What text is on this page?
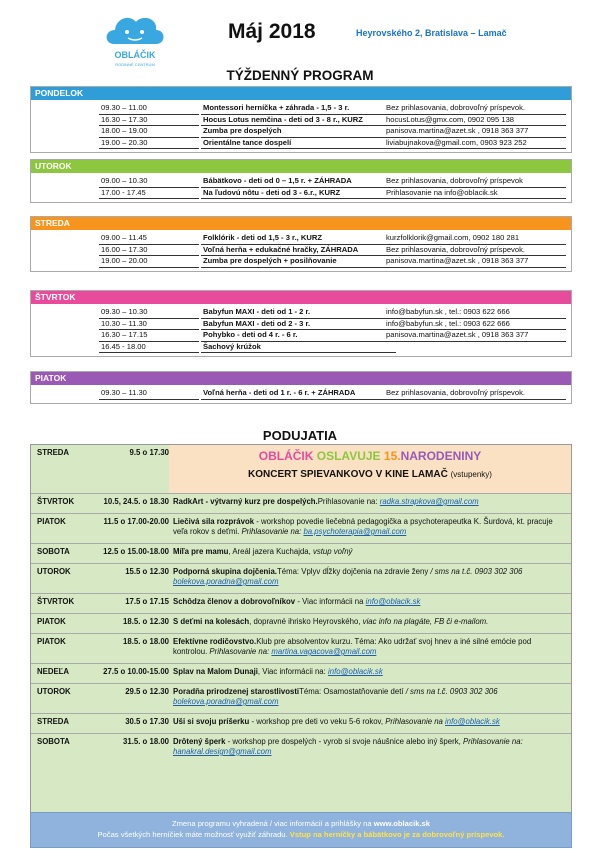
OBLÁČIK
RODINNÉ CENTRUM
Máj 2018	Heyrovského 2, Bratislava – Lamač
TÝŽDENNÝ PROGRAM
PONDELOK
09.30 – 11.00	Montessori herníčka + záhrada - 1,5 - 3 r.	Bez prihlasovania, dobrovoľný príspevok.
16.30 – 17.30	Hocus Lotus nemčina - deti od 3 - 8 r., KURZ	hocusLotus@gmx.com, 0902 095 138
18.00 – 19.00	Zumba pre dospelých	panisova.martina@azet.sk , 0918 363 377
19.00 – 20.30	Orientálne tance dospelí	liviabujnakova@gmail.com, 0903 923 252
UTOROK
09.00 – 10.30	Bábätkovo - deti od 0 – 1,5 r. + ZÁHRADA	Bez prihlasovania, dobrovoľný príspevok
17.00 - 17.45	Na ľudovú nôtu - deti od 3 - 6.r., KURZ	Prihlasovanie na info@oblacik.sk
STREDA
09.00 – 11.45	Folklórik - deti od 1,5 - 3 r., KURZ	kurzfolklorik@gmail.com, 0902 180 281
16.00 – 17.30	Voľná herňa + edukačné hračky, ZÁHRADA	Bez prihlasovania, dobrovoľný príspevok.
19.00 – 20.00	Zumba pre dospelých + posilňovanie	panisova.martina@azet.sk , 0918 363 377
ŠTVRTOK
09.30 – 10.30	Babyfun MAXI - deti od 1 - 2 r.	info@babyfun.sk , tel.: 0903 622 666
10.30 – 11.30	Babyfun MAXI - deti od 2 - 3 r.	info@babyfun.sk , tel.: 0903 622 666
16.30 – 17.15	Pohybko - deti od 4 r. - 6 r.	panisova.martina@azet.sk , 0918 363 377
16.45 - 18.00	Šachový krúžok
PIATOK
09.30 – 11.30	Voľná herňa - deti od 1 r. - 6 r. + ZÁHRADA	Bez prihlasovania, dobrovoľný príspevok.
PODUJATIA
STREDA	9.5 o 17.30	OBLÁČIK OSLAVUJE 15.NARODENINY
KONCERT SPIEVANKOVO V KINE LAMAČ (vstupenky)
ŠTVRTOK	10.5, 24.5. o 18.30 RadkArt - výtvarný kurz pre dospelých.Prihlasovanie na: radka.strapkova@gmail.com
PIATOK	11.5 o 17.00-20.00 Liečivá sila rozprávok - workshop povedie liečebná pedagogička a psychoterapeutka K. Šurdová, kt. pracuje veľa rokov s deťmi. Prihlasovanie na: ba.psychoterapia@gmail.com
SOBOTA	12.5 o 15.00-18.00 Míľa pre mamu, Areál jazera Kuchajda, vstup voľný
UTOROK	15.5 o 12.30 Podporná skupina dojčenia.Téma: Vplyv dĺžky dojčenia na zdravie ženy / sms na t.č. 0903 302 306 bolekova.poradna@gmail.com
ŠTVRTOK	17.5 o 17.15 Schôdza členov a dobrovoľníkov - Viac informácii na info@oblacik.sk
PIATOK	18.5. o 12.30 S deťmi na kolesách, dopravné ihrisko Heyrovského, viac info na plagáte, FB či e-mailom.
PIATOK	18.5. o 18.00 Efektívne rodičovstvo.Klub pre absolventov kurzu. Téma: Ako udržať svoj hnev a iné silné emócie pod kontrolou. Prihlasovanie na: martina.vagacova@gmail.com
NEDEĽA	27.5 o 10.00-15.00 Splav na Malom Dunaji, Viac informácii na: info@oblacik.sk
UTOROK	29.5 o 12.30 Poradňa prirodzenej starostlivostiTéma: Osamostatňovanie detí / sms na t.č. 0903 302 306 bolekova.poradna@gmail.com
STREDA	30.5 o 17.30 Uši si svoju príšerku - workshop pre deti vo veku 5-6 rokov, Prihlasovanie na info@oblacik.sk
SOBOTA	31.5. o 18.00 Drôtený šperk - workshop pre dospelých - vyrob si svoje náušnice alebo iný šperk, Prihlasovanie na: hanakral.design@gmail.com
Zmena programu vyhradená / viac informácií a prihlášky na www.oblacik.sk
Počas všetkých herníčiek máte možnosť využiť záhradu. Vstup na herníčky a bábätkovo je za dobrovoľný príspevok.
